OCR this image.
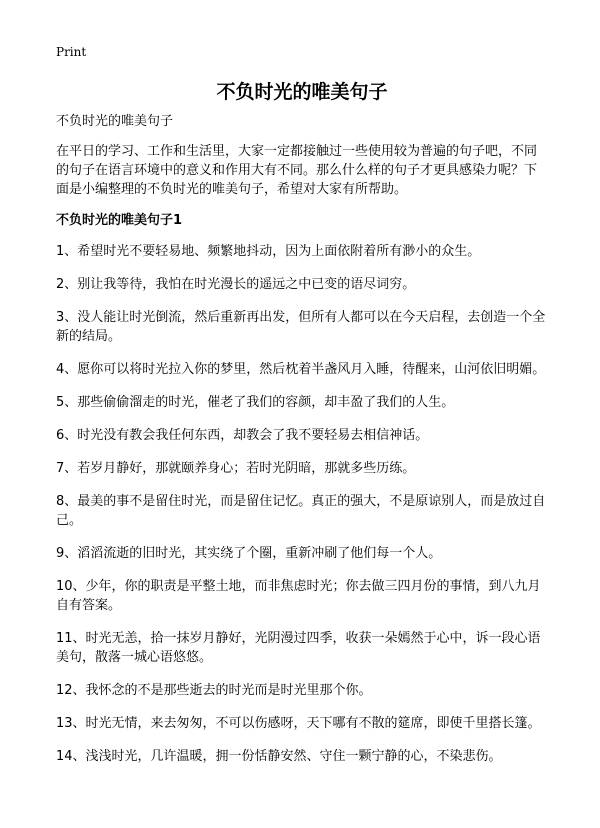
Print
不负时光的唯美句子

不负时光的唯美句子

在平日的学习、工作和生活里，大家一定都接触过一些使用较为普遍的句子吧，不同的句子在语言环境中的意义和作用大有不同。那么什么样的句子才更具感染力呢？下面是小编整理的不负时光的唯美句子，希望对大家有所帮助。

不负时光的唯美句子1

1、希望时光不要轻易地、频繁地抖动，因为上面依附着所有渺小的众生。

2、别让我等待，我怕在时光漫长的遥远之中已变的语尽词穷。

3、没人能让时光倒流，然后重新再出发，但所有人都可以在今天启程，去创造一个全新的结局。

4、愿你可以将时光拉入你的梦里，然后枕着半盏风月入睡，待醒来，山河依旧明媚。

5、那些偷偷溜走的时光，催老了我们的容颜，却丰盈了我们的人生。

6、时光没有教会我任何东西，却教会了我不要轻易去相信神话。

7、若岁月静好，那就颐养身心；若时光阴暗，那就多些历练。

8、最美的事不是留住时光，而是留住记忆。真正的强大，不是原谅别人，而是放过自己。

9、滔滔流逝的旧时光，其实绕了个圈，重新冲刷了他们每一个人。

10、少年，你的职责是平整土地，而非焦虑时光；你去做三四月份的事情，到八九月自有答案。

11、时光无恙，拾一抹岁月静好，光阴漫过四季，收获一朵嫣然于心中，诉一段心语美句，散落一城心语悠悠。

12、我怀念的不是那些逝去的时光而是时光里那个你。

13、时光无情，来去匆匆，不可以伤感呀，天下哪有不散的筵席，即使千里搭长篷。

14、浅浅时光，几许温暖，拥一份恬静安然、守住一颗宁静的心，不染悲伤。
